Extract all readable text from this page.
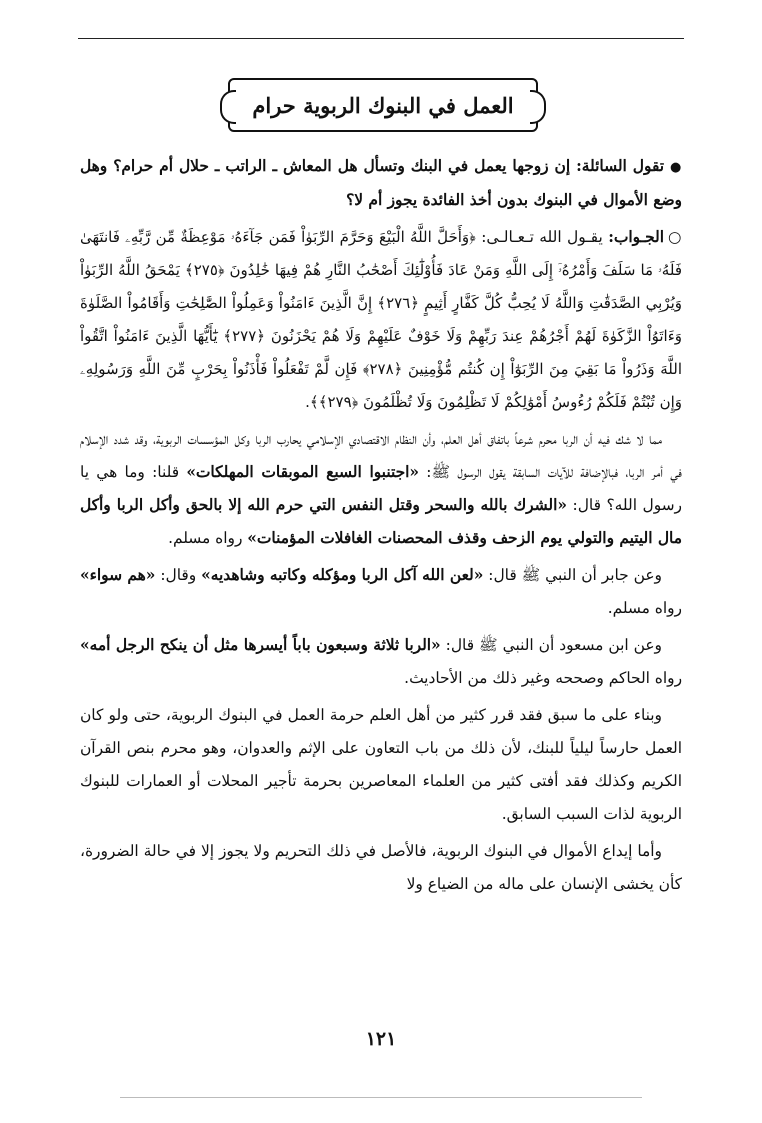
العمل في البنوك الربوية حرام

●تقول السائلة: إن زوجها يعمل في البنك وتسأل هل المعاش ـ الراتب ـ حلال أم حرام؟ وهل وضع الأموال في البنوك بدون أخذ الفائدة يجوز أم لا؟

○الجـواب: يقـول الله تـعـالـى: ﴿وَأَحَلَّ اللَّهُ الْبَيْعَ وَحَرَّمَ الرِّبَوٰاْ فَمَن جَآءَهُۥ مَوْعِظَةٌ مِّن رَّبِّهِۦ فَانتَهَىٰ فَلَهُۥ مَا سَلَفَ وَأَمْرُهُۥٓ إِلَى اللَّهِ وَمَنْ عَادَ فَأُوْلَٰٓئِكَ أَصْحَٰبُ النَّارِ هُمْ فِيهَا خَٰلِدُونَ ﴿٢٧٥﴾ يَمْحَقُ اللَّهُ الرِّبَوٰاْ وَيُرْبِي الصَّدَقَٰتِ وَاللَّهُ لَا يُحِبُّ كُلَّ كَفَّارٍ أَثِيمٍ ﴿٢٧٦﴾ إِنَّ الَّذِينَ ءَامَنُواْ وَعَمِلُواْ الصَّٰلِحَٰتِ وَأَقَامُواْ الصَّلَوٰةَ وَءَاتَوُاْ الزَّكَوٰةَ لَهُمْ أَجْرُهُمْ عِندَ رَبِّهِمْ وَلَا خَوْفٌ عَلَيْهِمْ وَلَا هُمْ يَحْزَنُونَ ﴿٢٧٧﴾ يَٰٓأَيُّهَا الَّذِينَ ءَامَنُواْ اتَّقُواْ اللَّهَ وَذَرُواْ مَا بَقِيَ مِنَ الرِّبَوٰٓاْ إِن كُنتُم مُّؤْمِنِينَ ﴿٢٧٨﴾ فَإِن لَّمْ تَفْعَلُواْ فَأْذَنُواْ بِحَرْبٍ مِّنَ اللَّهِ وَرَسُولِهِۦ وَإِن تُبْتُمْ فَلَكُمْ رُءُوسُ أَمْوَٰلِكُمْ لَا تَظْلِمُونَ وَلَا تُظْلَمُونَ ﴿٢٧٩﴾﴾.

مما لا شك فيه أن الربا محرم شرعاً باتفاق أهل العلم، وأن النظام الاقتصادي الإسلامي يحارب الربا وكل المؤسسات الربوية، وقد شدد الإسلام في أمر الربا، فبالإضافة للآيات السابقة يقول الرسول ﷺ: «اجتنبوا السبع الموبقات المهلكات» قلنا: وما هي يا رسول الله؟ قال: «الشرك بالله والسحر وقتل النفس التي حرم الله إلا بالحق وأكل الربا وأكل مال اليتيم والتولي يوم الزحف وقذف المحصنات الغافلات المؤمنات» رواه مسلم.

وعن جابر أن النبي ﷺ قال: «لعن الله آكل الربا ومؤكله وكاتبه وشاهديه» وقال: «هم سواء» رواه مسلم.

وعن ابن مسعود أن النبي ﷺ قال: «الربا ثلاثة وسبعون باباً أيسرها مثل أن ينكح الرجل أمه» رواه الحاكم وصححه وغير ذلك من الأحاديث.

وبناء على ما سبق فقد قرر كثير من أهل العلم حرمة العمل في البنوك الربوية، حتى ولو كان العمل حارساً ليلياً للبنك، لأن ذلك من باب التعاون على الإثم والعدوان، وهو محرم بنص القرآن الكريم وكذلك فقد أفتى كثير من العلماء المعاصرين بحرمة تأجير المحلات أو العمارات للبنوك الربوية لذات السبب السابق.

وأما إيداع الأموال في البنوك الربوية، فالأصل في ذلك التحريم ولا يجوز إلا في حالة الضرورة، كأن يخشى الإنسان على ماله من الضياع ولا

١٢١
